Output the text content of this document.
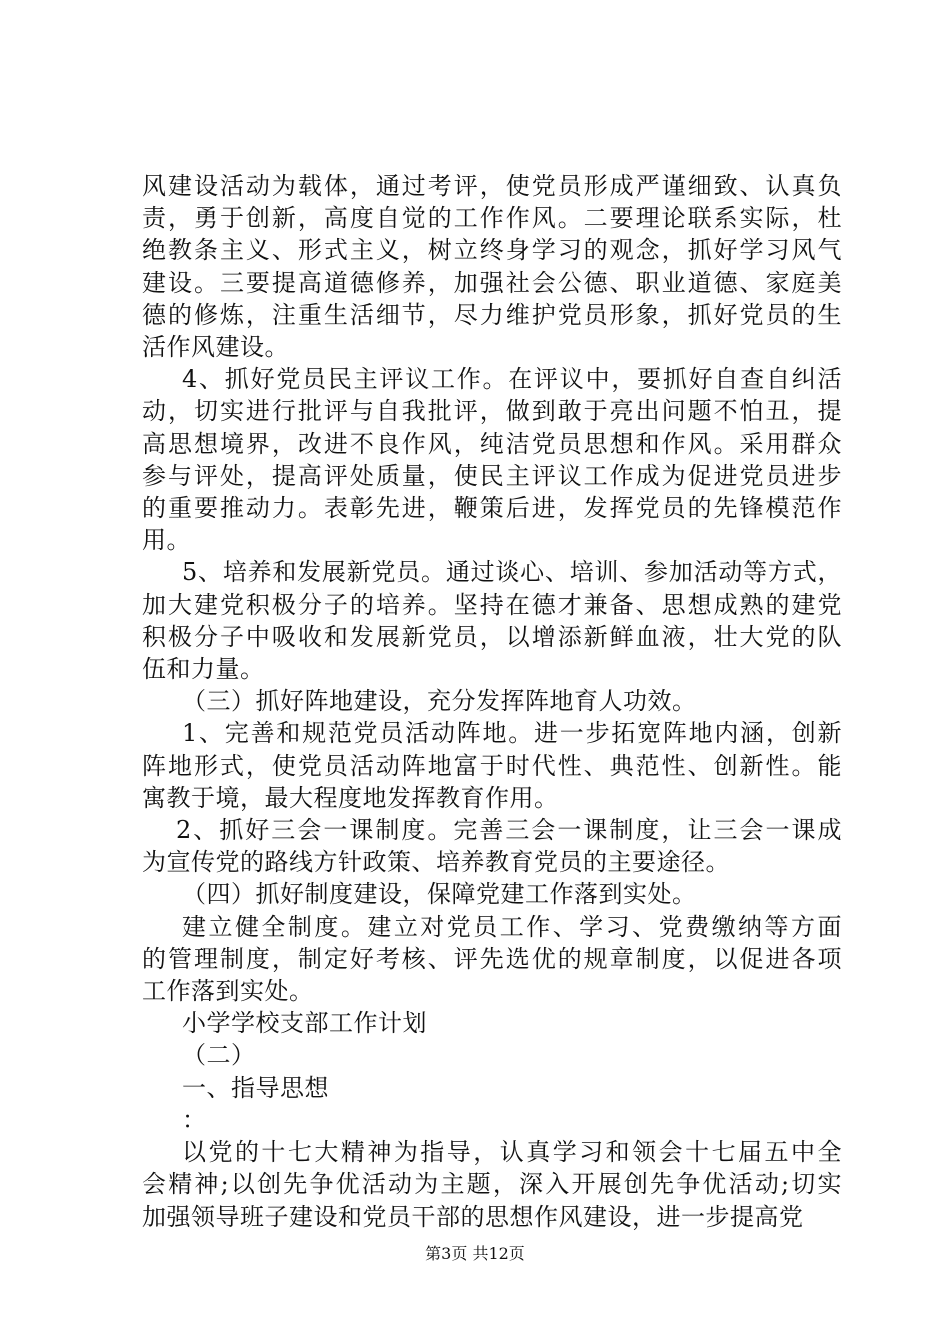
风建设活动为载体，通过考评，使党员形成严谨细致、认真负
责，勇于创新，高度自觉的工作作风。二要理论联系实际，杜
绝教条主义、形式主义，树立终身学习的观念，抓好学习风气
建设。三要提高道德修养，加强社会公德、职业道德、家庭美
德的修炼，注重生活细节，尽力维护党员形象，抓好党员的生
活作风建设。

4、抓好党员民主评议工作。在评议中，要抓好自查自纠活
动，切实进行批评与自我批评，做到敢于亮出问题不怕丑，提
高思想境界，改进不良作风，纯洁党员思想和作风。采用群众
参与评处，提高评处质量，使民主评议工作成为促进党员进步
的重要推动力。表彰先进，鞭策后进，发挥党员的先锋模范作
用。

5、培养和发展新党员。通过谈心、培训、参加活动等方式，
加大建党积极分子的培养。坚持在德才兼备、思想成熟的建党
积极分子中吸收和发展新党员，以增添新鲜血液，壮大党的队
伍和力量。

（三）抓好阵地建设，充分发挥阵地育人功效。

1、完善和规范党员活动阵地。进一步拓宽阵地内涵，创新
阵地形式，使党员活动阵地富于时代性、典范性、创新性。能
寓教于境，最大程度地发挥教育作用。

2、抓好三会一课制度。完善三会一课制度，让三会一课成
为宣传党的路线方针政策、培养教育党员的主要途径。

（四）抓好制度建设，保障党建工作落到实处。

建立健全制度。建立对党员工作、学习、党费缴纳等方面
的管理制度，制定好考核、评先选优的规章制度，以促进各项
工作落到实处。

小学学校支部工作计划

（二）

一、指导思想

：

以党的十七大精神为指导，认真学习和领会十七届五中全
会精神;以创先争优活动为主题，深入开展创先争优活动;切实
加强领导班子建设和党员干部的思想作风建设，进一步提高党

第3页 共12页
